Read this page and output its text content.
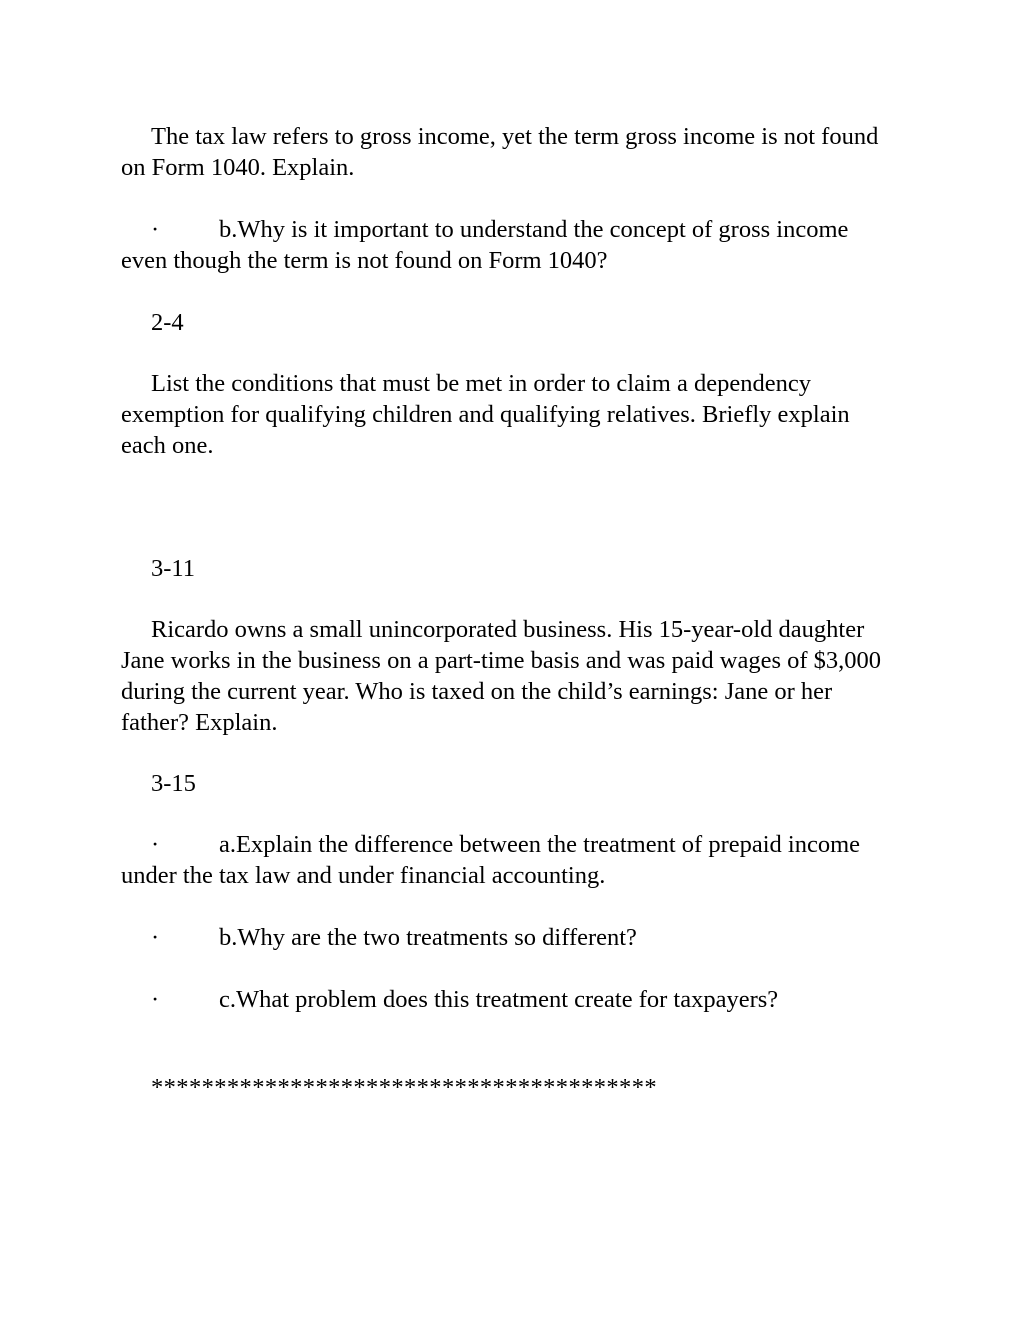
The tax law refers to gross income, yet the term gross income is not found on Form 1040. Explain.

·	b.Why is it important to understand the concept of gross income even though the term is not found on Form 1040?

2-4

List the conditions that must be met in order to claim a dependency exemption for qualifying children and qualifying relatives. Briefly explain each one.

3-11

Ricardo owns a small unincorporated business. His 15-year-old daughter Jane works in the business on a part-time basis and was paid wages of $3,000 during the current year. Who is taxed on the child’s earnings: Jane or her father? Explain.

3-15

·	a.Explain the difference between the treatment of prepaid income under the tax law and under financial accounting.
·	b.Why are the two treatments so different?
·	c.What problem does this treatment create for taxpayers?
****************************************
